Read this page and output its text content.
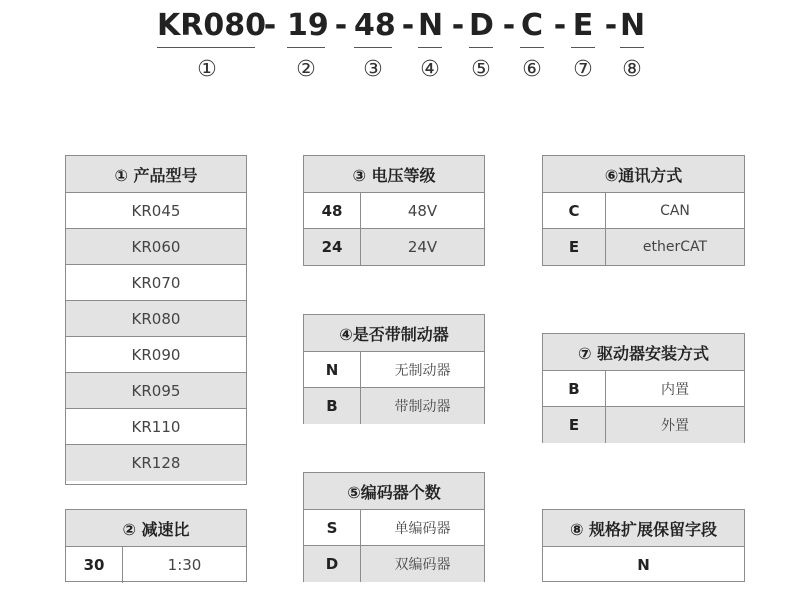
KR080
- 19 - 48 - N - D - C - E - N
①	② ③ ④ ⑤ ⑥ ⑦ ⑧
① 产品型号
KR045
KR060
KR070
KR080
KR090
KR095
KR110
KR128
② 减速比
30	1:30
③ 电压等级
48	48V
24	24V
④是否带制动器
N	无制动器
B	带制动器
⑤编码器个数
S	单编码器
D	双编码器
⑥通讯方式
C	CAN
E	etherCAT
⑦ 驱动器安装方式
B	内置
E	外置
⑧ 规格扩展保留字段
N
